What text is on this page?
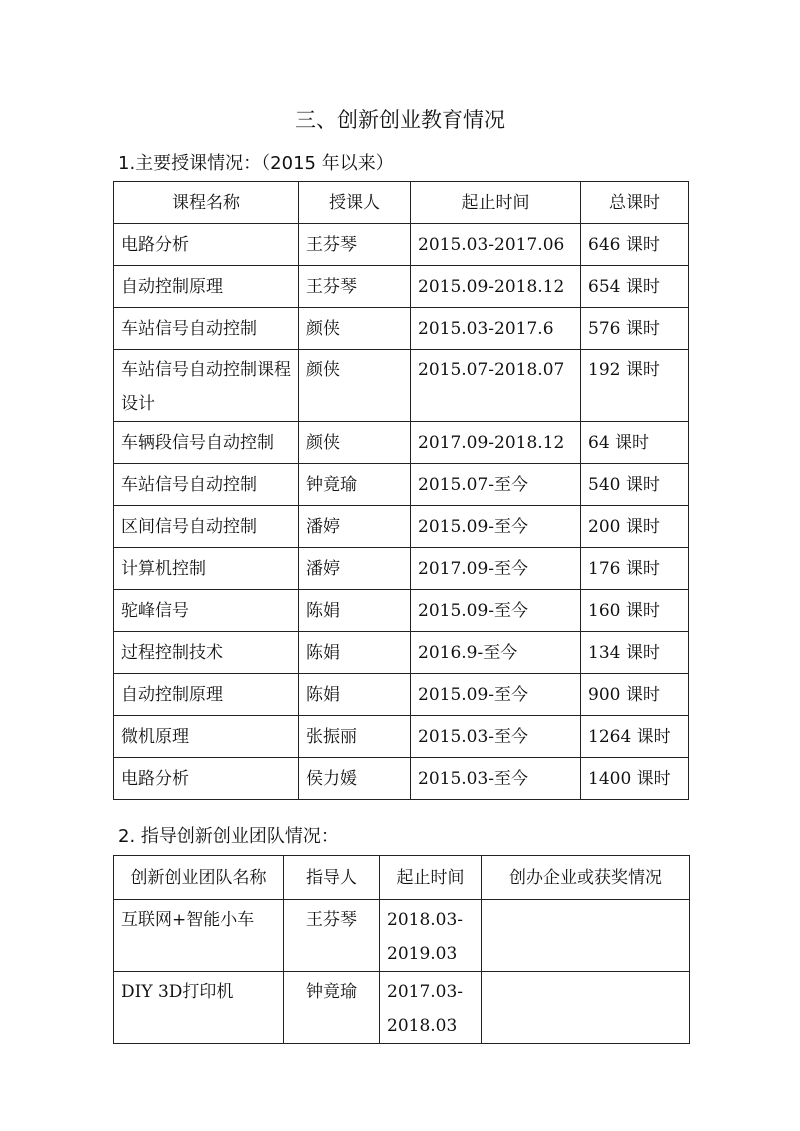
三、创新创业教育情况
1.主要授课情况：（2015 年以来）
课程名称	授课人	起止时间	总课时
电路分析	王芬琴	2015.03-2017.06	646 课时
自动控制原理	王芬琴	2015.09-2018.12	654 课时
车站信号自动控制	颜侠	2015.03-2017.6	576 课时
车站信号自动控制课程设计	颜侠	2015.07-2018.07	192 课时
车辆段信号自动控制	颜侠	2017.09-2018.12	64 课时
车站信号自动控制	钟竟瑜	2015.07-至今	540 课时
区间信号自动控制	潘婷	2015.09-至今	200 课时
计算机控制	潘婷	2017.09-至今	176 课时
驼峰信号	陈娟	2015.09-至今	160 课时
过程控制技术	陈娟	2016.9-至今	134 课时
自动控制原理	陈娟	2015.09-至今	900 课时
微机原理	张振丽	2015.03-至今	1264 课时
电路分析	侯力媛	2015.03-至今	1400 课时
2. 指导创新创业团队情况：
创新创业团队名称	指导人	起止时间	创办企业或获奖情况
互联网+智能小车	王芬琴	2018.03-2019.03	
DIY 3D打印机	钟竟瑜	2017.03-2018.03	
